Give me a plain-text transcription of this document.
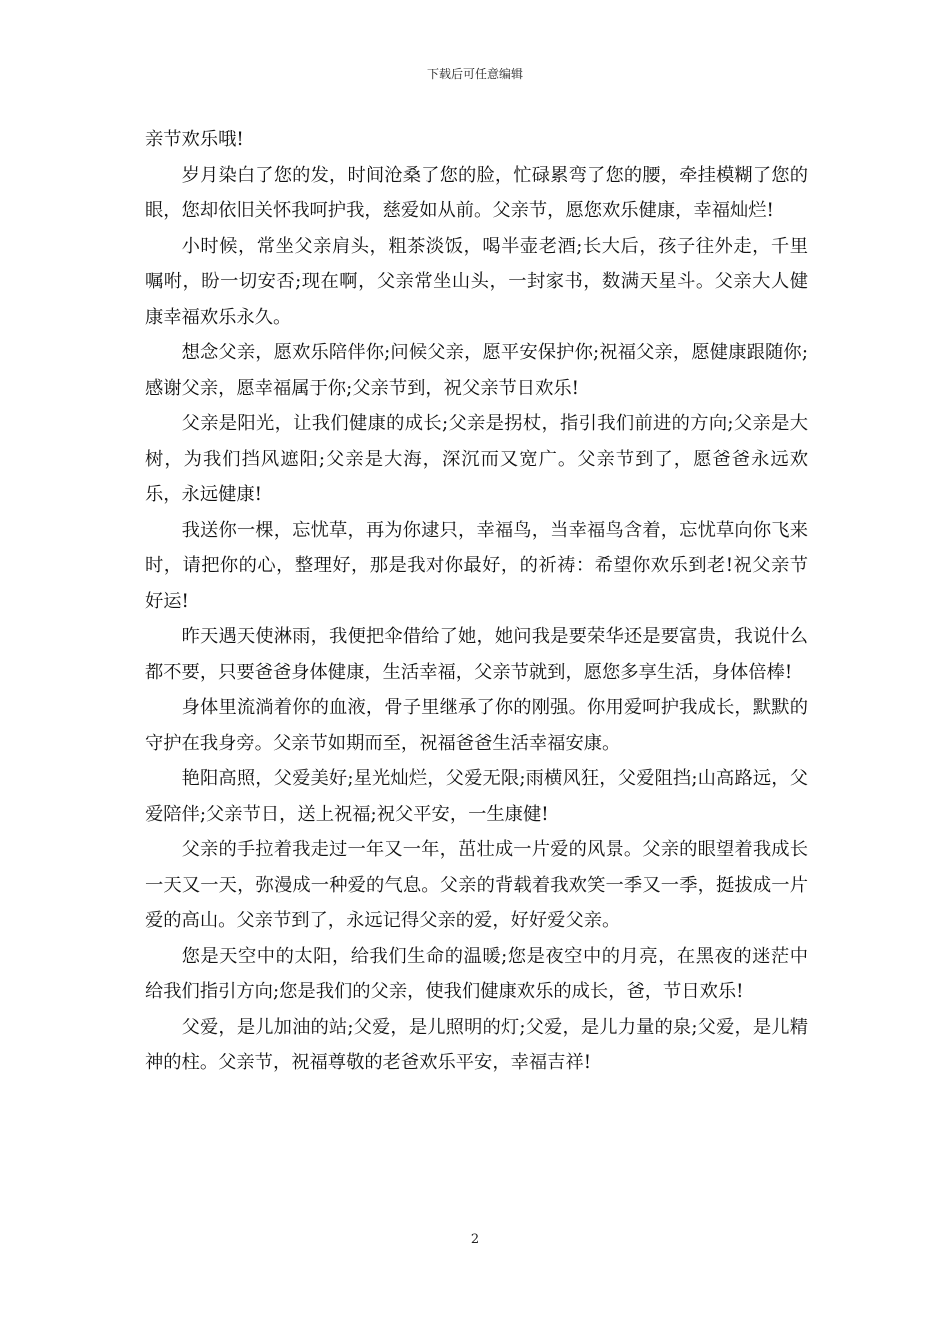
下载后可任意编辑

亲节欢乐哦!

岁月染白了您的发，时间沧桑了您的脸，忙碌累弯了您的腰，牵挂模糊了您的眼，您却依旧关怀我呵护我，慈爱如从前。父亲节，愿您欢乐健康，幸福灿烂!

小时候，常坐父亲肩头，粗茶淡饭，喝半壶老酒;长大后，孩子往外走，千里嘱咐，盼一切安否;现在啊，父亲常坐山头，一封家书，数满天星斗。父亲大人健康幸福欢乐永久。

想念父亲，愿欢乐陪伴你;问候父亲，愿平安保护你;祝福父亲，愿健康跟随你;感谢父亲，愿幸福属于你;父亲节到，祝父亲节日欢乐!

父亲是阳光，让我们健康的成长;父亲是拐杖，指引我们前进的方向;父亲是大树，为我们挡风遮阳;父亲是大海，深沉而又宽广。父亲节到了，愿爸爸永远欢乐，永远健康!

我送你一棵，忘忧草，再为你逮只，幸福鸟，当幸福鸟含着，忘忧草向你飞来时，请把你的心，整理好，那是我对你最好，的祈祷：希望你欢乐到老!祝父亲节好运!

昨天遇天使淋雨，我便把伞借给了她，她问我是要荣华还是要富贵，我说什么都不要，只要爸爸身体健康，生活幸福，父亲节就到，愿您多享生活，身体倍棒!

身体里流淌着你的血液，骨子里继承了你的刚强。你用爱呵护我成长，默默的守护在我身旁。父亲节如期而至，祝福爸爸生活幸福安康。

艳阳高照，父爱美好;星光灿烂，父爱无限;雨横风狂，父爱阻挡;山高路远，父爱陪伴;父亲节日，送上祝福;祝父平安，一生康健!

父亲的手拉着我走过一年又一年，茁壮成一片爱的风景。父亲的眼望着我成长一天又一天，弥漫成一种爱的气息。父亲的背载着我欢笑一季又一季，挺拔成一片爱的高山。父亲节到了，永远记得父亲的爱，好好爱父亲。

您是天空中的太阳，给我们生命的温暖;您是夜空中的月亮，在黑夜的迷茫中给我们指引方向;您是我们的父亲，使我们健康欢乐的成长，爸，节日欢乐!

父爱，是儿加油的站;父爱，是儿照明的灯;父爱，是儿力量的泉;父爱，是儿精神的柱。父亲节，祝福尊敬的老爸欢乐平安，幸福吉祥!

2
